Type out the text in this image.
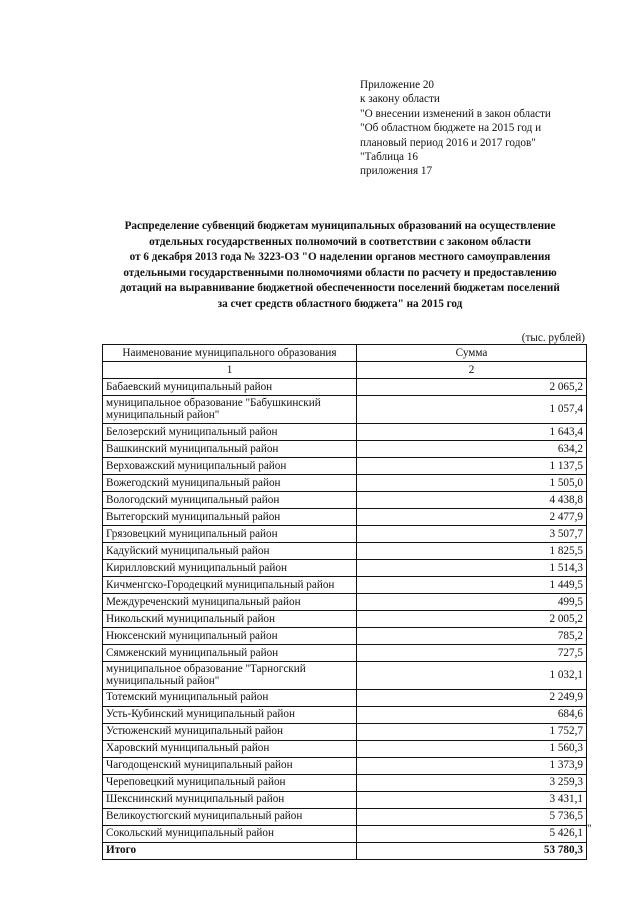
Приложение 20
к закону области
"О внесении изменений в закон области
"Об областном бюджете на 2015 год и
плановый период 2016 и 2017 годов"
"Таблица 16
приложения 17
Распределение субвенций бюджетам муниципальных образований на осуществление
отдельных государственных полномочий в соответствии с законом области
от 6 декабря 2013 года № 3223-ОЗ "О наделении органов местного самоуправления
отдельными государственными полномочиями области по расчету и предоставлению
дотаций на выравнивание бюджетной обеспеченности поселений бюджетам поселений
за счет средств областного бюджета" на 2015 год
(тыс. рублей)
Наименование муниципального образования	Сумма
1	2
Бабаевский муниципальный район	2 065,2
муниципальное образование "Бабушкинский муниципальный район"	1 057,4
Белозерский муниципальный район	1 643,4
Вашкинский муниципальный район	634,2
Верховажский муниципальный район	1 137,5
Вожегодский муниципальный район	1 505,0
Вологодский муниципальный район	4 438,8
Вытегорский муниципальный район	2 477,9
Грязовецкий муниципальный район	3 507,7
Кадуйский муниципальный район	1 825,5
Кирилловский муниципальный район	1 514,3
Кичменгско-Городецкий муниципальный район	1 449,5
Междуреченский муниципальный район	499,5
Никольский муниципальный район	2 005,2
Нюксенский муниципальный район	785,2
Сямженский муниципальный район	727,5
муниципальное образование "Тарногский муниципальный район"	1 032,1
Тотемский муниципальный район	2 249,9
Усть-Кубинский муниципальный район	684,6
Устюженский муниципальный район	1 752,7
Харовский муниципальный район	1 560,3
Чагодощенский муниципальный район	1 373,9
Череповецкий муниципальный район	3 259,3
Шекснинский муниципальный район	3 431,1
Великоустюгский муниципальный район	5 736,5
Сокольский муниципальный район	5 426,1
Итого	53 780,3
"
